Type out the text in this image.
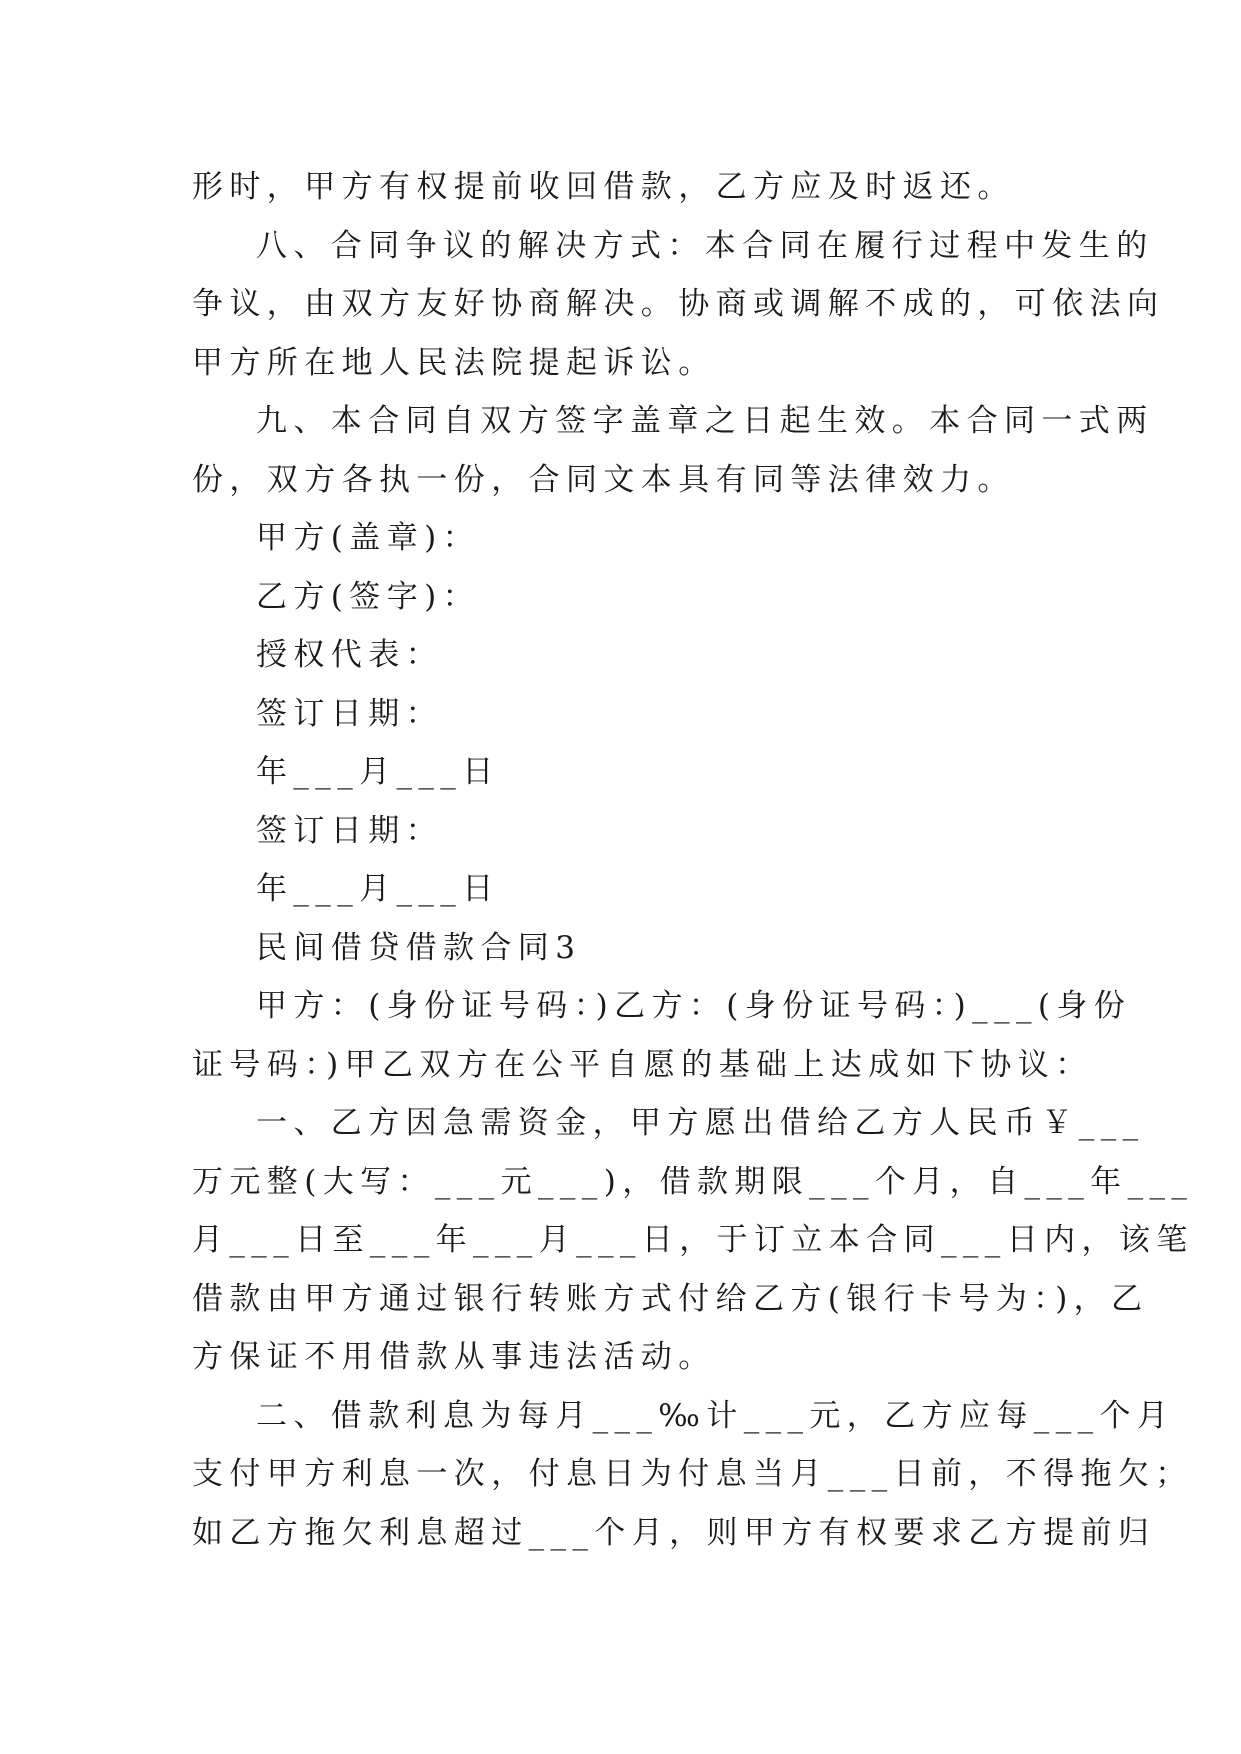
形时，甲方有权提前收回借款，乙方应及时返还。
八、合同争议的解决方式：本合同在履行过程中发生的
争议，由双方友好协商解决。协商或调解不成的，可依法向
甲方所在地人民法院提起诉讼。
九、本合同自双方签字盖章之日起生效。本合同一式两
份，双方各执一份，合同文本具有同等法律效力。
甲方(盖章)：
乙方(签字)：
授权代表：
签订日期：
年___月___日
签订日期：
年___月___日
民间借贷借款合同3
甲方：(身份证号码：)乙方：(身份证号码：)___(身份
证号码：)甲乙双方在公平自愿的基础上达成如下协议：
一、乙方因急需资金，甲方愿出借给乙方人民币￥___
万元整(大写：___元___)，借款期限___个月，自___年___
月___日至___年___月___日，于订立本合同___日内，该笔
借款由甲方通过银行转账方式付给乙方(银行卡号为：)，乙
方保证不用借款从事违法活动。
二、借款利息为每月___‰计___元，乙方应每___个月
支付甲方利息一次，付息日为付息当月___日前，不得拖欠；
如乙方拖欠利息超过___个月，则甲方有权要求乙方提前归
